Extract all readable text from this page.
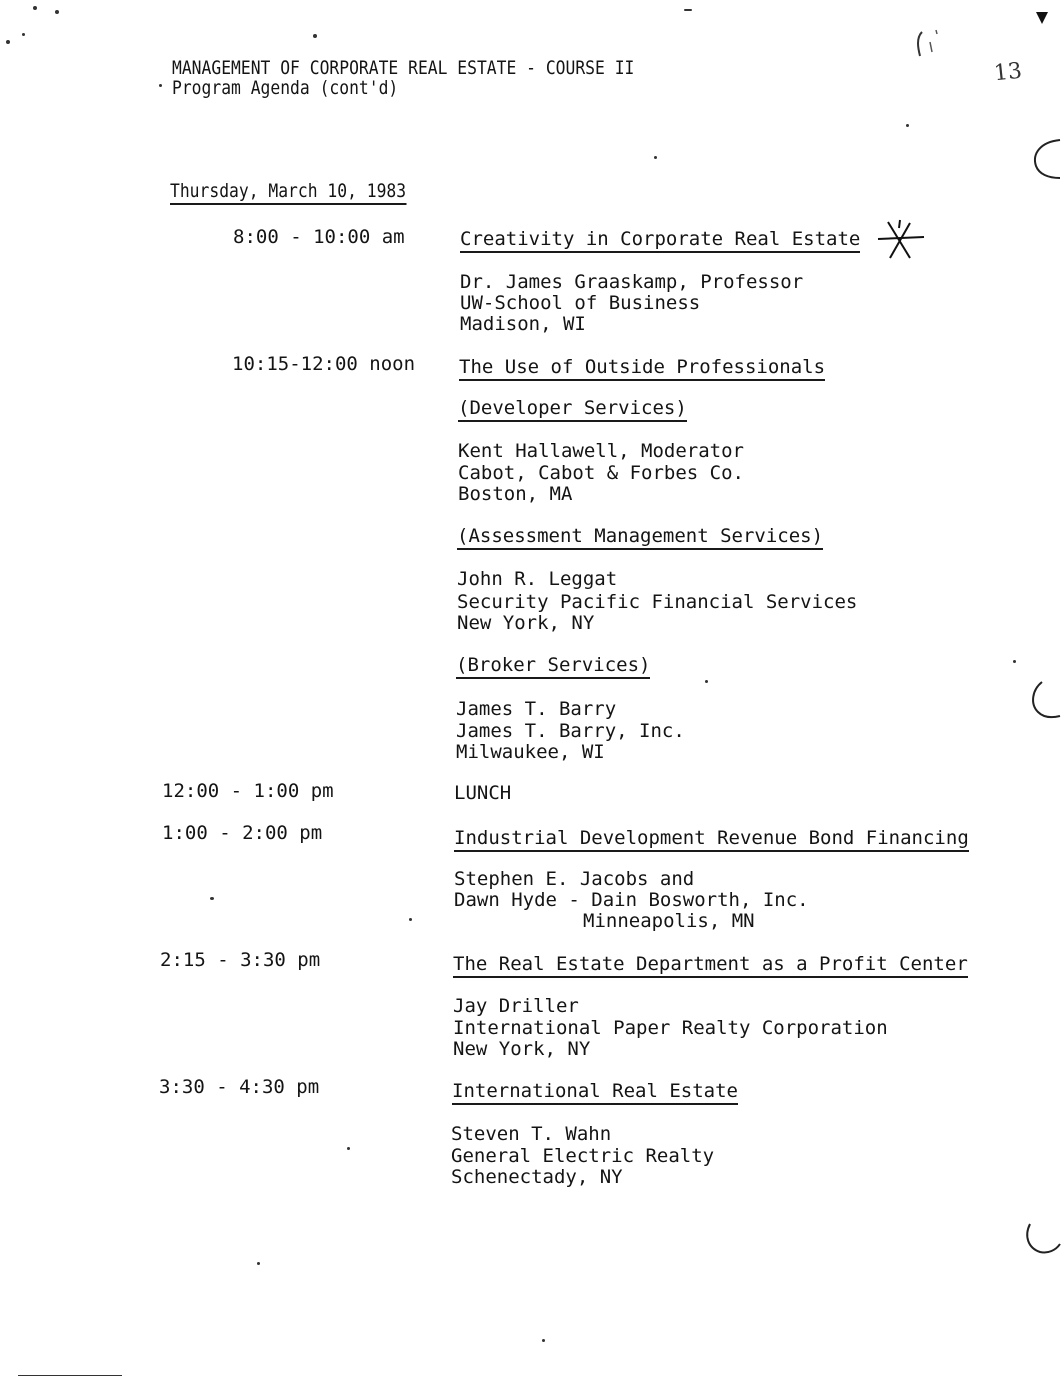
MANAGEMENT OF CORPORATE REAL ESTATE - COURSE II
Program Agenda (cont'd)
13
Thursday, March 10, 1983
8:00 - 10:00 am	Creativity in Corporate Real Estate
Dr. James Graaskamp, Professor
UW-School of Business
Madison, WI
10:15-12:00 noon The Use of Outside Professionals
(Developer Services)
Kent Hallawell, Moderator
Cabot, Cabot & Forbes Co.
Boston, MA
(Assessment Management Services)
John R. Leggat
Security Pacific Financial Services
New York, NY
(Broker Services)
James T. Barry
James T. Barry, Inc.
Milwaukee, WI
12:00 - 1:00 pm	LUNCH
1:00 - 2:00 pm	Industrial Development Revenue Bond Financing
Stephen E. Jacobs and
Dawn Hyde - Dain Bosworth, Inc.
Minneapolis, MN
2:15 - 3:30 pm	The Real Estate Department as a Profit Center
Jay Driller
International Paper Realty Corporation
New York, NY
3:30 - 4:30 pm	International Real Estate
Steven T. Wahn
General Electric Realty
Schenectady, NY
